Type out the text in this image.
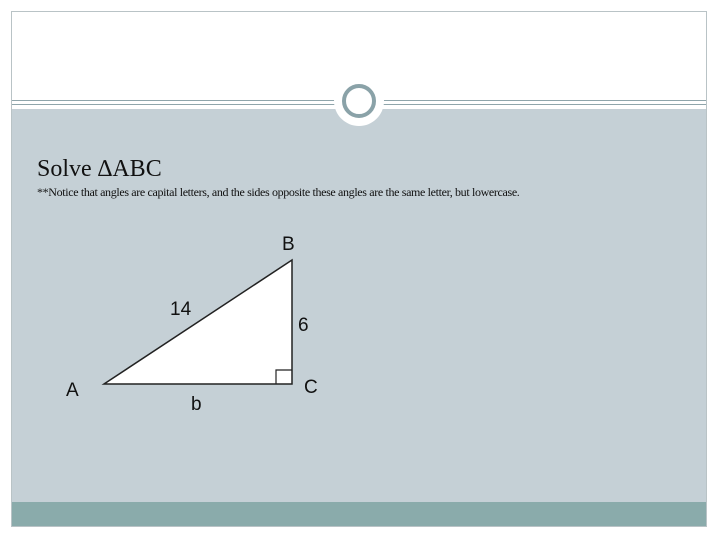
Solve ∆ABC

**Notice that angles are capital letters, and the sides opposite these angles are the same letter, but lowercase.

A
B
C
14
6
b
